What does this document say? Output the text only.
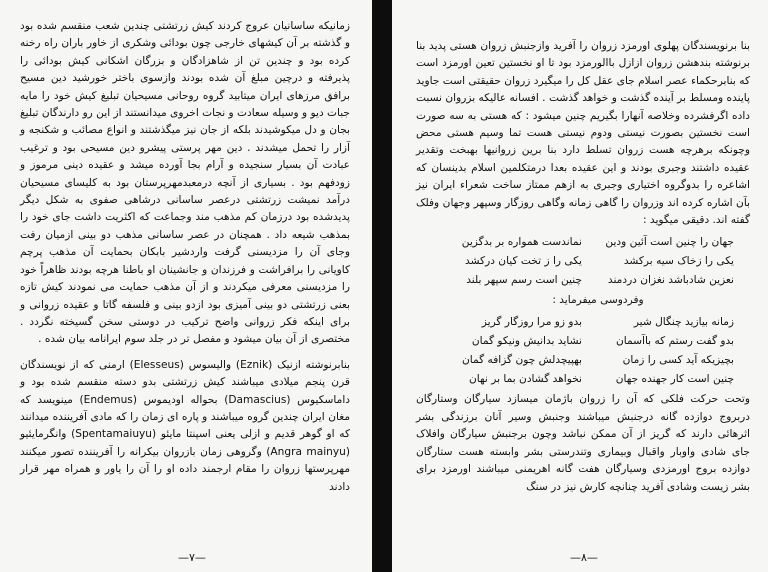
زمانیکه ساسانیان عروج کردند کیش زرتشتی چندین شعب منقسم شده بود و گذشته بر آن کیشهای خارجی چون بودائی وشکری از خاور باران راه رخنه کرده بود و چندین تن از شاهزادگان و بزرگان اشکانی کیش بودائی را پذیرفته و درچین مبلغ آن شده بودند وازسوی باختر خورشید دین مسیح برافق مرزهای ایران میتابید گروه روحانی مسیحیان تبلیغ کیش خود را مایه جبات دیو و وسیله سعادت و نجات اخروی میدانستند از این رو دارندگان تبلیغ بجان و دل میکوشیدند بلکه از جان نیز میگذشتند و انواع مصائب و شکنجه و آزار را تحمل میشدند . دین مهر پرستی پیشرو دین مسیحی بود و ترغیب عبادت آن بسیار سنجیده و آرام بجا آورده میشد و عقیده دینی مرموز و زودفهم بود . بسیاری از آنچه درمعبدمهرپرستان بود به کلیسای مسیحیان درآمد نمیشت زرتشتی درعصر ساسانی درشاهی صفوی به شکل دیگر پدیدشده بود درزمان کم مذهب مند وجماعت که اکثریت داشت جای خود را بمذهب شیعه داد . همچنان در عصر ساسانی مذهب دو بینی ازمیان رفت وجای آن را مزدیسنی گرفت واردشیر بابکان بحمایت آن مذهب پرچم کاویانی را برافراشت و فرزندان و جانشینان او باطنا هرچه بودند ظاهراً خود را مزدیسنی معرفی میکردند و از آن مذهب حمایت می نمودند کیش تازه بعنی زرتشتی دو بینی آمیزی بود ازدو بینی و فلسفه گاتا و عقیده زروانی و برای اینکه فکر زروانی واضح ترکیب در دوستی سخن گسیخته نگردد . مختصری از آن بیان میشود و مفصل تر در جلد سوم ایرانامه بیان شده .

بنابرنوشته ازنیک (Eznik) والیسوس (Elesseus) ارمنی که از نویسندگان قرن پنجم میلادی میباشند کیش زرتشتی بدو دسته منقسم شده بود و داماسکیوس (Damascius) بحواله اودیموس (Endemus) مینویسد که مغان ایران چندین گروه میباشند و پاره ای زمان را که مادی آفریننده میدانند که او گوهر قدیم و ازلی یعنی اسپنتا مایئو (Spentamaiuyu) وانگرمایئیو (Angra mainyu) وگروهی زمان بازروان بیکرانه را آفریننده تصور میکنند مهرپرستها زروان را مقام ارجمند داده او را آن را یاور و همراه مهر قرار دادند

—٧—
بنا برنویسندگان پهلوی اورمزد زروان را آفرید وازجنبش زروان هستی پدید بنا برنوشته بندهشن زروان ازازل باالورمزد بود تا او نخستین تعین اورمزد است که بنابرحکماء عصر اسلام جای عقل کل را میگیرد زروان حقیقتی است جاوید پاینده ومسلط بر آینده گذشت و خواهد گذشت . افسانه عالیکه بزروان نسبت داده اگرفشرده وخلاصه آنهارا بگیریم چنین میشود : که هستی به سه صورت است نخستین بصورت نیستی ودوم نیستی هست تما وسیم هستی محض وچونکه برهرچه هست زروان تسلط دارد بنا برین زروانیها بهبخت وتقدیر عقیده داشتند وجبری بودند و این عقیده بعدا درمتکلمین اسلام بدینسان که اشاعره را بدوگروه اختیاری وجبری به ازهم ممتاز ساخت شعراء ایران نیز بآن اشاره کرده اند وزروان را گاهی زمانه وگاهی روزگار وسپهر وجهان وفلک گفته اند. دقیقی میگوید :
جهان را چنین است آئین ودین
نماندست همواره بر بدگزین
یکی را زخاک سیه برکشد
یکی را ز تخت کیان درکشد
نعزین شادباشد نغزان دردمند
چنین است رسم سپهر بلند
وفردوسی میفرماید :
زمانه بیازید چنگال شیر
بدو زو مرا روزگار گریز
بدو گفت رستم که باآسمان
نشاید بدانیش ونیکو گمان
بچیزیکه آید کسی را زمان
بهپیچدلش چون گزافه گمان
چنین است کار جهنده جهان
نخواهد گشادن بما بر نهان
وتحت حرکت فلکی که آن را زروان باژمان میسازد سیارگان وستارگان دربروج دوازده گانه درجنبش میباشند وجنبش وسیر آنان برزندگی بشر اثرهائی دارند که گریز از آن ممکن نباشد وچون برجنبش سیارگان وافلاک جای شادی واوبار واقبال وبیماری وتندرستی بشر وابسته هست ستارگان دوازده بروج اورمزدی وسیارگان هفت گانه اهریمنی میباشند اورمزد برای بشر زیست وشادی آفرید چنانچه کارش نیز در سنگ
—٨—
